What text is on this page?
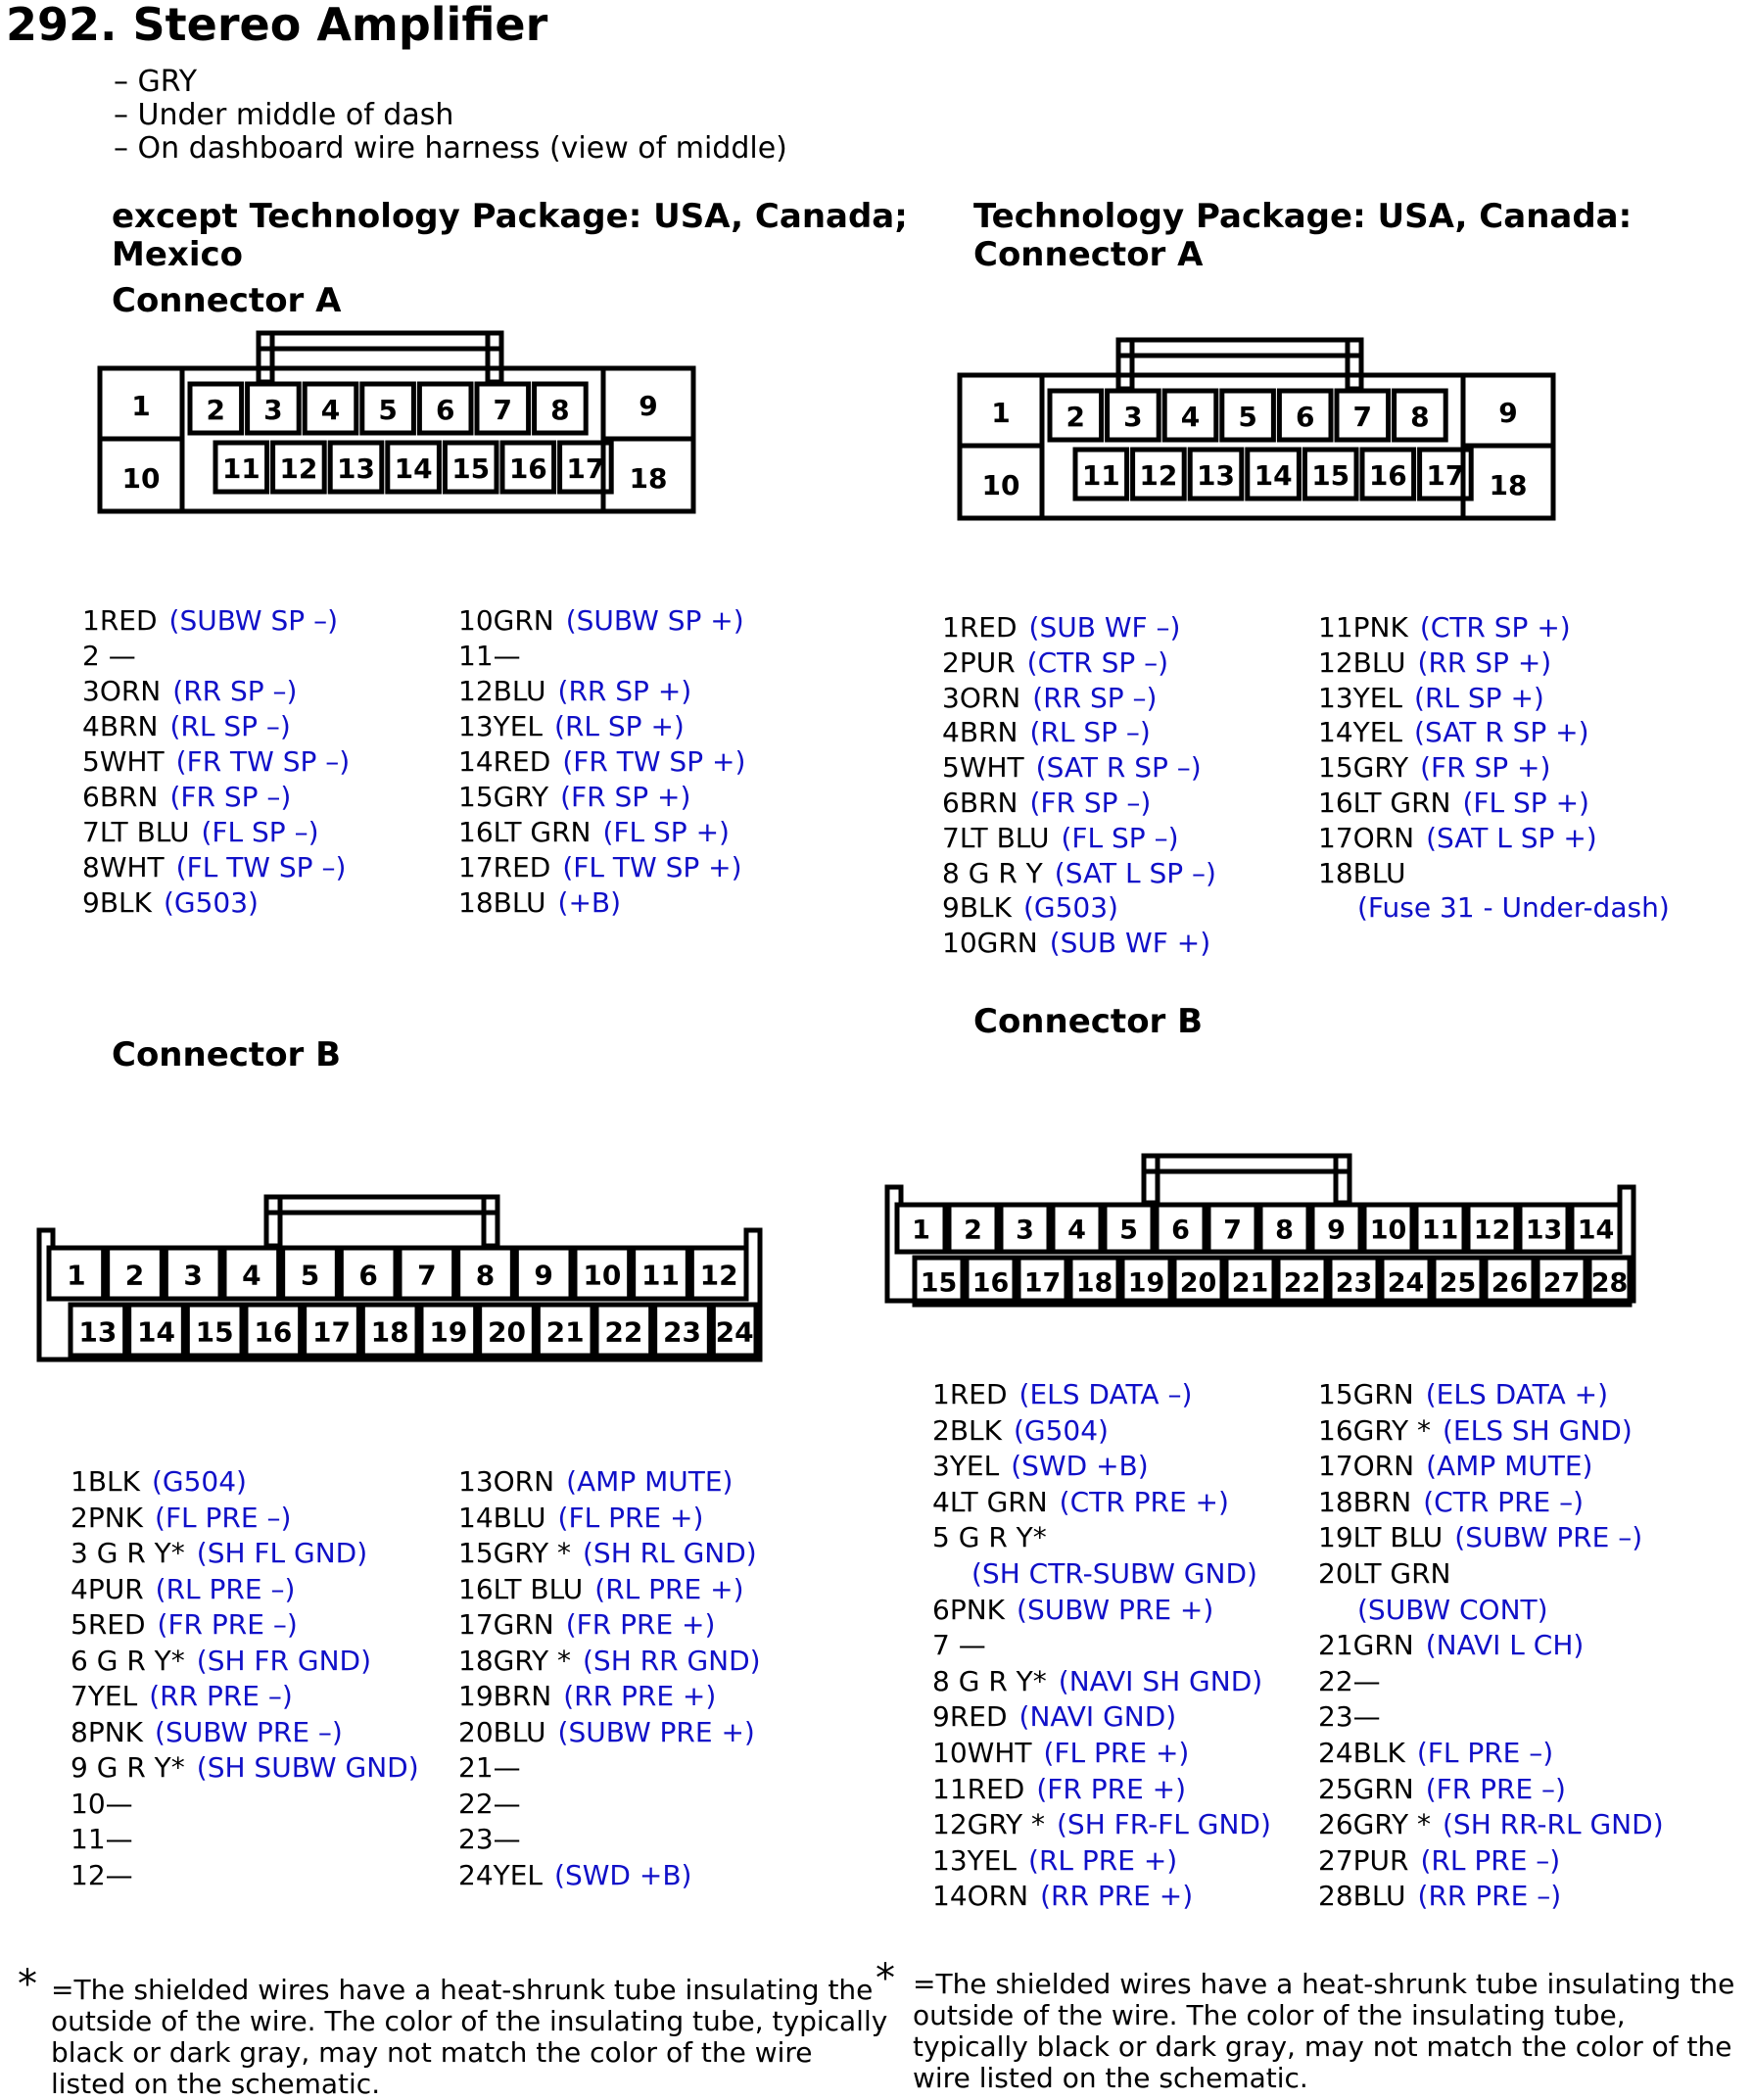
292. Stereo Amplifier
– GRY
– Under middle of dash
– On dashboard wire harness (view of middle)
except Technology Package: USA, Canada; Mexico
Connector A
Technology Package: USA, Canada: Connector A
1 2 3 4 5 6 7 8	9
10 11 12 13 14 15 16 17 18
1 2 3 4 5 6 7 8	9
10 11 12 13 14 15 16 17 18
1RED (SUBW SP –)
2 —
3ORN (RR SP –)
4BRN (RL SP –)
5WHT (FR TW SP –)
6BRN (FR SP –)
7LT BLU (FL SP –)
8WHT (FL TW SP –)
9BLK (G503)
10GRN (SUBW SP +)
11—
12BLU (RR SP +)
13YEL (RL SP +)
14RED (FR TW SP +)
15GRY (FR SP +)
16LT GRN (FL SP +)
17RED (FL TW SP +)
18BLU (+B)
1RED (SUB WF –)
2PUR (CTR SP –)
3ORN (RR SP –)
4BRN (RL SP –)
5WHT (SAT R SP –)
6BRN (FR SP –)
7LT BLU (FL SP –)
8 G R Y (SAT L SP –)
9BLK (G503)
10GRN (SUB WF +)
11PNK (CTR SP +)
12BLU (RR SP +)
13YEL (RL SP +)
14YEL (SAT R SP +)
15GRY (FR SP +)
16LT GRN (FL SP +)
17ORN (SAT L SP +)
18BLU
(Fuse 31 - Under-dash)
Connector B
Connector B
1 2 3 4 5 6 7 8 9 10 11 12
13 14 15 16 17 18 19 20 21 22 23 24
1 2 3 4 5 6 7 8 9 10 11 12 13 14
15 16 17 18 19 20 21 22 23 24 25 26 27 28
1BLK (G504)
2PNK (FL PRE –)
3 G R Y* (SH FL GND)
4PUR (RL PRE –)
5RED (FR PRE –)
6 G R Y* (SH FR GND)
7YEL (RR PRE –)
8PNK (SUBW PRE –)
9 G R Y* (SH SUBW GND)
10—
11—
12—
13ORN (AMP MUTE)
14BLU (FL PRE +)
15GRY * (SH RL GND)
16LT BLU (RL PRE +)
17GRN (FR PRE +)
18GRY * (SH RR GND)
19BRN (RR PRE +)
20BLU (SUBW PRE +)
21—
22—
23—
24YEL (SWD +B)
1RED (ELS DATA –)
2BLK (G504)
3YEL (SWD +B)
4LT GRN (CTR PRE +)
5 G R Y*
(SH CTR-SUBW GND)
6PNK (SUBW PRE +)
7 —
8 G R Y* (NAVI SH GND)
9RED (NAVI GND)
10WHT (FL PRE +)
11RED (FR PRE +)
12GRY * (SH FR-FL GND)
13YEL (RL PRE +)
14ORN (RR PRE +)
15GRN (ELS DATA +)
16GRY * (ELS SH GND)
17ORN (AMP MUTE)
18BRN (CTR PRE –)
19LT BLU (SUBW PRE –)
20LT GRN
(SUBW CONT)
21GRN (NAVI L CH)
22—
23—
24BLK (FL PRE –)
25GRN (FR PRE –)
26GRY * (SH RR-RL GND)
27PUR (RL PRE –)
28BLU (RR PRE –)
* =The shielded wires have a heat-shrunk tube insulating the outside of the wire. The color of the insulating tube, typically black or dark gray, may not match the color of the wire listed on the schematic.
* =The shielded wires have a heat-shrunk tube insulating the outside of the wire. The color of the insulating tube, typically black or dark gray, may not match the color of the wire listed on the schematic.
